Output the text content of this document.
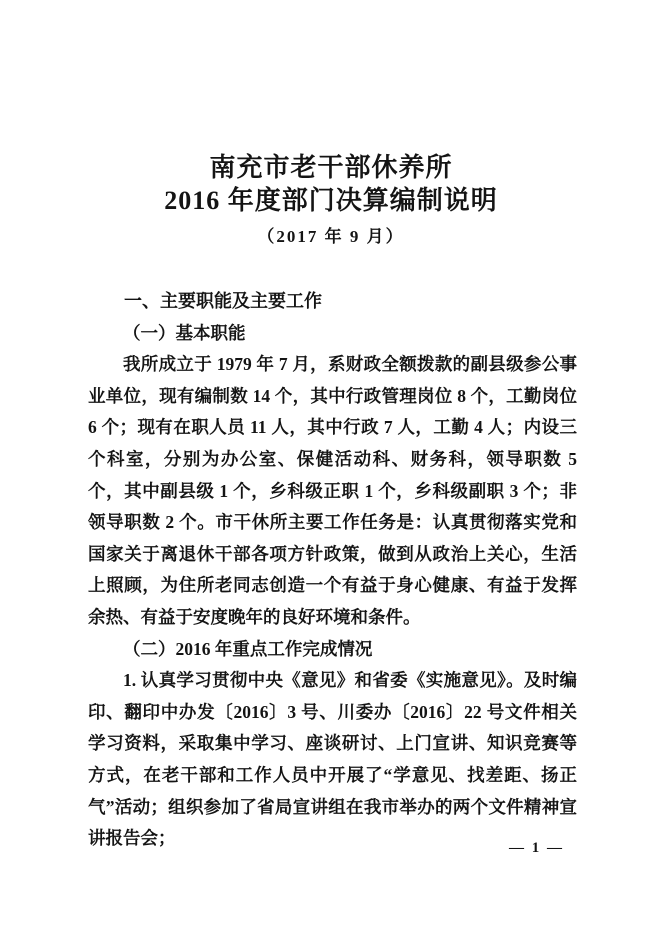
南充市老干部休养所
2016 年度部门决算编制说明
（2017 年 9 月）

一、主要职能及主要工作

（一）基本职能

我所成立于 1979 年 7 月，系财政全额拨款的副县级参公事业单位，现有编制数 14 个，其中行政管理岗位 8 个，工勤岗位 6 个；现有在职人员 11 人，其中行政 7 人，工勤 4 人；内设三个科室，分别为办公室、保健活动科、财务科，领导职数 5 个，其中副县级 1 个，乡科级正职 1 个，乡科级副职 3 个；非领导职数 2 个。市干休所主要工作任务是：认真贯彻落实党和国家关于离退休干部各项方针政策，做到从政治上关心，生活上照顾，为住所老同志创造一个有益于身心健康、有益于发挥余热、有益于安度晚年的良好环境和条件。

（二）2016 年重点工作完成情况

1. 认真学习贯彻中央《意见》和省委《实施意见》。及时编印、翻印中办发〔2016〕3 号、川委办〔2016〕22 号文件相关学习资料，采取集中学习、座谈研讨、上门宣讲、知识竞赛等方式，在老干部和工作人员中开展了“学意见、找差距、扬正气”活动；组织参加了省局宣讲组在我市举办的两个文件精神宣讲报告会；	— 1 —
